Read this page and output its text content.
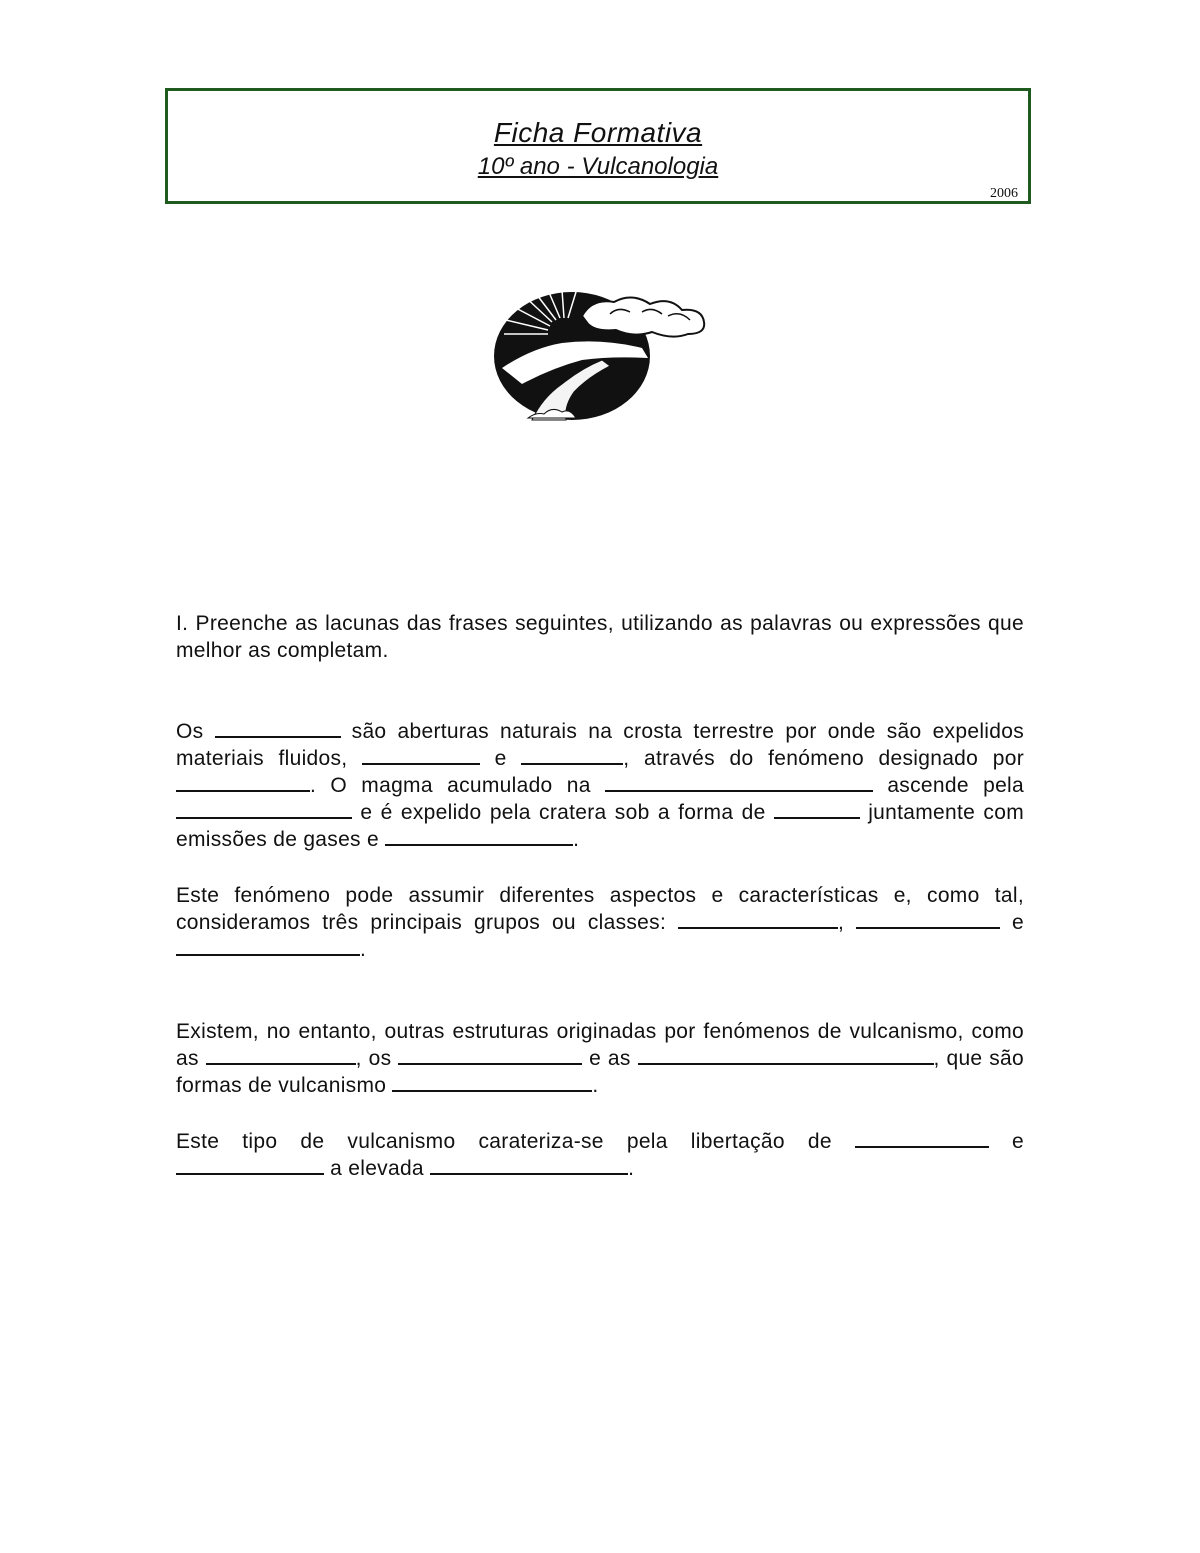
Ficha Formativa
10º ano - Vulcanologia
2006
I. Preenche as lacunas das frases seguintes, utilizando as palavras ou expressões que melhor as completam.
Os	são aberturas naturais na crosta terrestre por onde são expelidos materiais fluidos,	e	, através do fenómeno designado por . O magma acumulado na	ascende pela  e é expelido pela cratera sob a forma de	juntamente com emissões de gases e	.
Este fenómeno pode assumir diferentes aspectos e características e, como tal, consideramos três principais grupos ou classes:	,	e .
Existem, no entanto, outras estruturas originadas por fenómenos de vulcanismo, como as	, os	e as	, que são formas de vulcanismo	.
Este tipo de vulcanismo carateriza-se pela libertação de	e  a elevada	.
